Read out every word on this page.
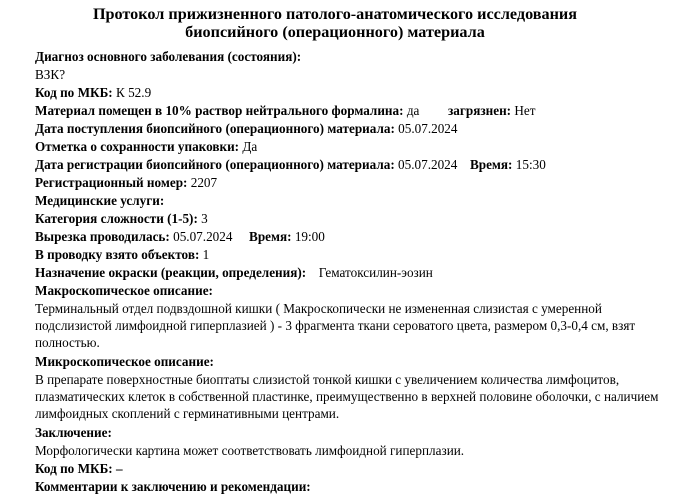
Протокол прижизненного патолого-анатомического исследования
биопсийного (операционного) материала
Диагноз основного заболевания (состояния):
ВЗК?
Код по МКБ: К 52.9
Материал помещен в 10% раствор нейтрального формалина: да загрязнен: Нет
Дата поступления биопсийного (операционного) материала: 05.07.2024
Отметка о сохранности упаковки: Да
Дата регистрации биопсийного (операционного) материала: 05.07.2024 Время: 15:30
Регистрационный номер: 2207
Медицинские услуги:
Категория сложности (1-5): 3
Вырезка проводилась: 05.07.2024 Время: 19:00
В проводку взято объектов: 1
Назначение окраски (реакции, определения): Гематоксилин-эозин
Макроскопическое описание:
Терминальный отдел подвздошной кишки ( Макроскопически не измененная слизистая с умеренной подслизистой лимфоидной гиперплазией ) - 3 фрагмента ткани сероватого цвета, размером 0,3-0,4 см, взят полностью.
Микроскопическое описание:
В препарате поверхностные биоптаты слизистой тонкой кишки с увеличением количества лимфоцитов, плазматических клеток в собственной пластинке, преимущественно в верхней половине оболочки, с наличием лимфоидных скоплений с герминативными центрами.
Заключение:
Морфологически картина может соответствовать лимфоидной гиперплазии.
Код по МКБ: –
Комментарии к заключению и рекомендации:
